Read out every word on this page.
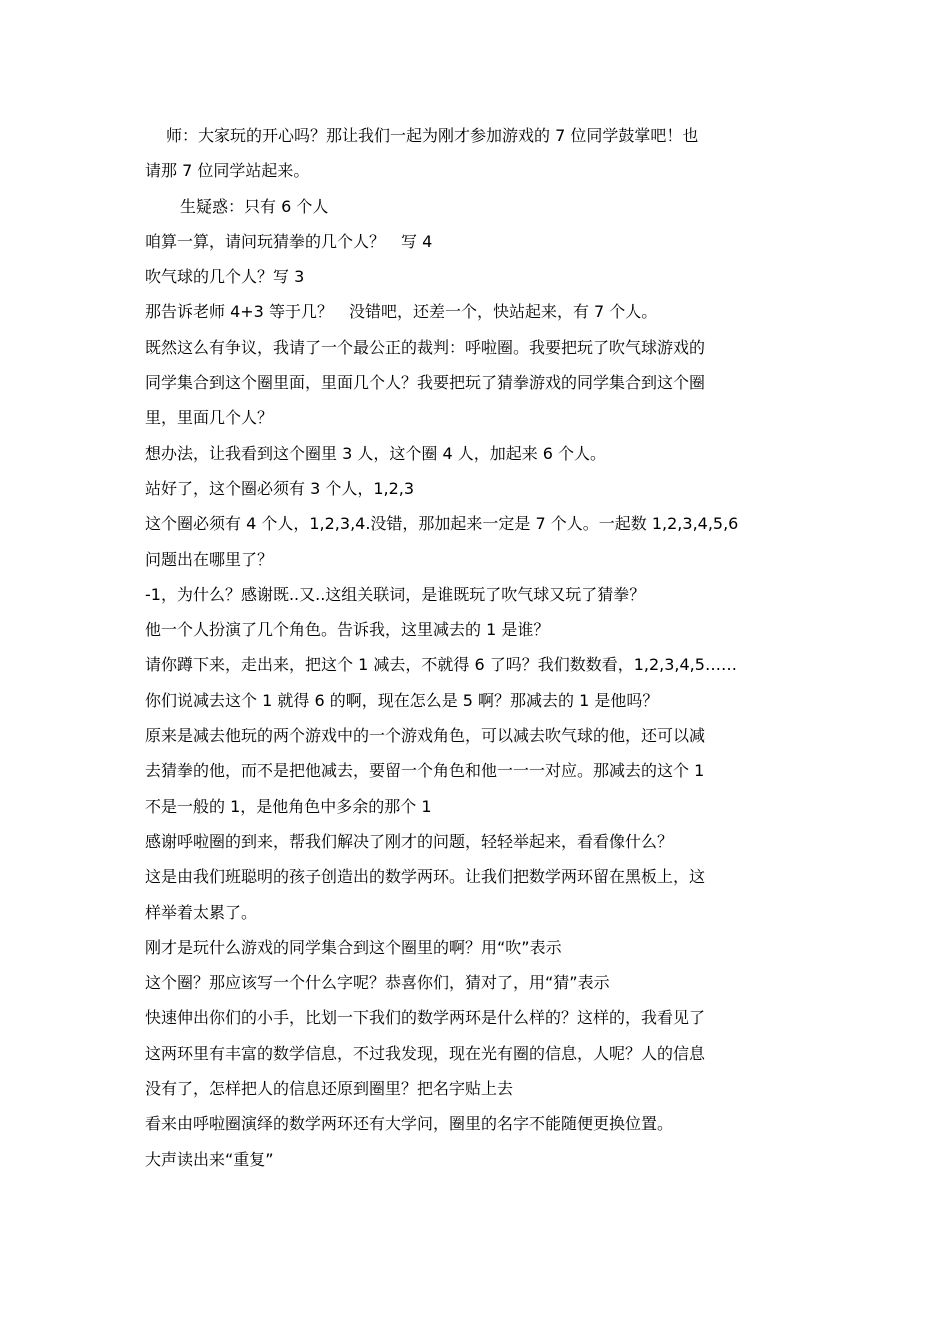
师：大家玩的开心吗？那让我们一起为刚才参加游戏的 7 位同学鼓掌吧！也
请那 7 位同学站起来。
生疑惑：只有 6 个人
咱算一算，请问玩猜拳的几个人？　写 4
吹气球的几个人？写 3
那告诉老师 4+3 等于几？　没错吧，还差一个，快站起来，有 7 个人。
既然这么有争议，我请了一个最公正的裁判：呼啦圈。我要把玩了吹气球游戏的
同学集合到这个圈里面，里面几个人？我要把玩了猜拳游戏的同学集合到这个圈
里，里面几个人？
想办法，让我看到这个圈里 3 人，这个圈 4 人，加起来 6 个人。
站好了，这个圈必须有 3 个人，1,2,3
这个圈必须有 4 个人，1,2,3,4.没错，那加起来一定是 7 个人。一起数 1,2,3,4,5,6
问题出在哪里了？
-1，为什么？感谢既..又..这组关联词，是谁既玩了吹气球又玩了猜拳？
他一个人扮演了几个角色。告诉我，这里减去的 1 是谁？
请你蹲下来，走出来，把这个 1 减去，不就得 6 了吗？我们数数看，1,2,3,4,5……
你们说减去这个 1 就得 6 的啊，现在怎么是 5 啊？那减去的 1 是他吗？
原来是减去他玩的两个游戏中的一个游戏角色，可以减去吹气球的他，还可以减
去猜拳的他，而不是把他减去，要留一个角色和他一一一对应。那减去的这个 1
不是一般的 1，是他角色中多余的那个 1
感谢呼啦圈的到来，帮我们解决了刚才的问题，轻轻举起来，看看像什么？
这是由我们班聪明的孩子创造出的数学两环。让我们把数学两环留在黑板上，这
样举着太累了。
刚才是玩什么游戏的同学集合到这个圈里的啊？用“吹”表示
这个圈？那应该写一个什么字呢？恭喜你们，猜对了，用“猜”表示
快速伸出你们的小手，比划一下我们的数学两环是什么样的？这样的，我看见了
这两环里有丰富的数学信息，不过我发现，现在光有圈的信息，人呢？人的信息
没有了，怎样把人的信息还原到圈里？把名字贴上去
看来由呼啦圈演绎的数学两环还有大学问，圈里的名字不能随便更换位置。
大声读出来“重复”
